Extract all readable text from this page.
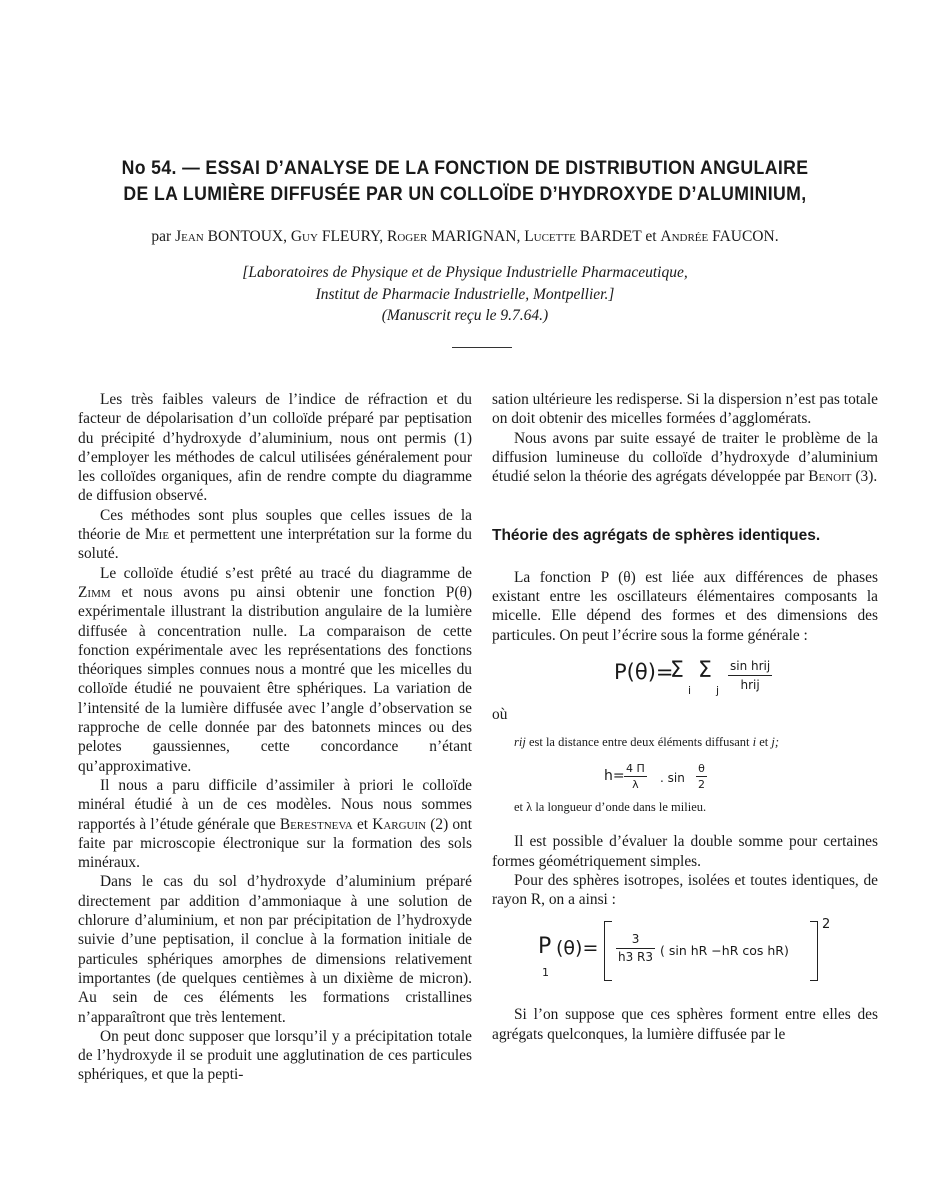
No 54. — ESSAI D’ANALYSE DE LA FONCTION DE DISTRIBUTION ANGULAIRE
DE LA LUMIÈRE DIFFUSÉE PAR UN COLLOÏDE D’HYDROXYDE D’ALUMINIUM,
par Jean BONTOUX, Guy FLEURY, Roger MARIGNAN, Lucette BARDET et Andrée FAUCON.
[Laboratoires de Physique et de Physique Industrielle Pharmaceutique,
Institut de Pharmacie Industrielle, Montpellier.]
(Manuscrit reçu le 9.7.64.)

Les très faibles valeurs de l’indice de réfraction et du facteur de dépolarisation d’un colloïde préparé par peptisation du précipité d’hydroxyde d’aluminium, nous ont permis (1) d’employer les méthodes de calcul utilisées généralement pour les colloïdes organiques, afin de rendre compte du diagramme de diffusion observé.

Ces méthodes sont plus souples que celles issues de la théorie de Mie et permettent une interprétation sur la forme du soluté.

Le colloïde étudié s’est prêté au tracé du diagramme de Zimm et nous avons pu ainsi obtenir une fonction P(θ) expérimentale illustrant la distribution angulaire de la lumière diffusée à concentration nulle. La comparaison de cette fonction expérimentale avec les représentations des fonctions théoriques simples connues nous a montré que les micelles du colloïde étudié ne pouvaient être sphériques. La variation de l’intensité de la lumière diffusée avec l’angle d’observation se rapproche de celle donnée par des batonnets minces ou des pelotes gaussiennes, cette concordance n’étant qu’approximative.

Il nous a paru difficile d’assimiler à priori le colloïde minéral étudié à un de ces modèles. Nous nous sommes rapportés à l’étude générale que Berestneva et Karguin (2) ont faite par microscopie électronique sur la formation des sols minéraux.

Dans le cas du sol d’hydroxyde d’aluminium préparé directement par addition d’ammoniaque à une solution de chlorure d’aluminium, et non par précipitation de l’hydroxyde suivie d’une peptisation, il conclue à la formation initiale de particules sphériques amorphes de dimensions relativement importantes (de quelques centièmes à un dixième de micron). Au sein de ces éléments les formations cristallines n’apparaîtront que très lentement.

On peut donc supposer que lorsqu’il y a précipitation totale de l’hydroxyde il se produit une agglutination de ces particules sphériques, et que la pepti-

sation ultérieure les redisperse. Si la dispersion n’est pas totale on doit obtenir des micelles formées d’agglomérats.

Nous avons par suite essayé de traiter le problème de la diffusion lumineuse du colloïde d’hydroxyde d’aluminium étudié selon la théorie des agrégats développée par Benoit (3).

Théorie des agrégats de sphères identiques.

La fonction P (θ) est liée aux différences de phases existant entre les oscillateurs élémentaires composants la micelle. Elle dépend des formes et des dimensions des particules. On peut l’écrire sous la forme générale :

P(θ)=
Σ
i
Σ
j
sin hrij
hrij

où

rij est la distance entre deux éléments diffusant i et j;

$h= \frac{4 \Pi}{\lambda}$ . $\sin \frac{\theta}{2}$

et λ la longueur d’onde dans le milieu.

Il est possible d’évaluer la double somme pour certaines formes géométriquement simples.

Pour des sphères isotropes, isolées et toutes identiques, de rayon R, on a ainsi :

P
1
$(\theta)= \frac{3}{h3 R3}$ ( sin hR −hR cos hR)
2

Si l’on suppose que ces sphères forment entre elles des agrégats quelconques, la lumière diffusée par le
